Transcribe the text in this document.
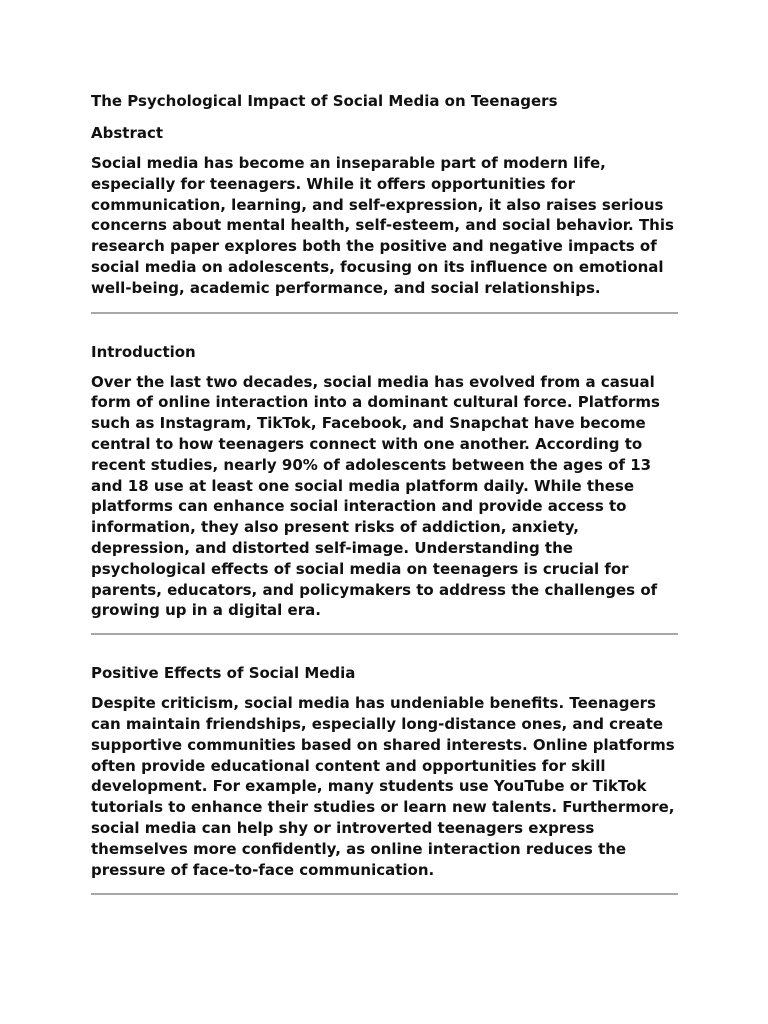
The Psychological Impact of Social Media on Teenagers
Abstract

Social media has become an inseparable part of modern life, especially for teenagers. While it offers opportunities for communication, learning, and self-expression, it also raises serious concerns about mental health, self-esteem, and social behavior. This research paper explores both the positive and negative impacts of social media on adolescents, focusing on its influence on emotional well-being, academic performance, and social relationships.

Introduction

Over the last two decades, social media has evolved from a casual form of online interaction into a dominant cultural force. Platforms such as Instagram, TikTok, Facebook, and Snapchat have become central to how teenagers connect with one another. According to recent studies, nearly 90% of adolescents between the ages of 13 and 18 use at least one social media platform daily. While these platforms can enhance social interaction and provide access to information, they also present risks of addiction, anxiety, depression, and distorted self-image. Understanding the psychological effects of social media on teenagers is crucial for parents, educators, and policymakers to address the challenges of growing up in a digital era.

Positive Effects of Social Media

Despite criticism, social media has undeniable benefits. Teenagers can maintain friendships, especially long-distance ones, and create supportive communities based on shared interests. Online platforms often provide educational content and opportunities for skill development. For example, many students use YouTube or TikTok tutorials to enhance their studies or learn new talents. Furthermore, social media can help shy or introverted teenagers express themselves more confidently, as online interaction reduces the pressure of face-to-face communication.
